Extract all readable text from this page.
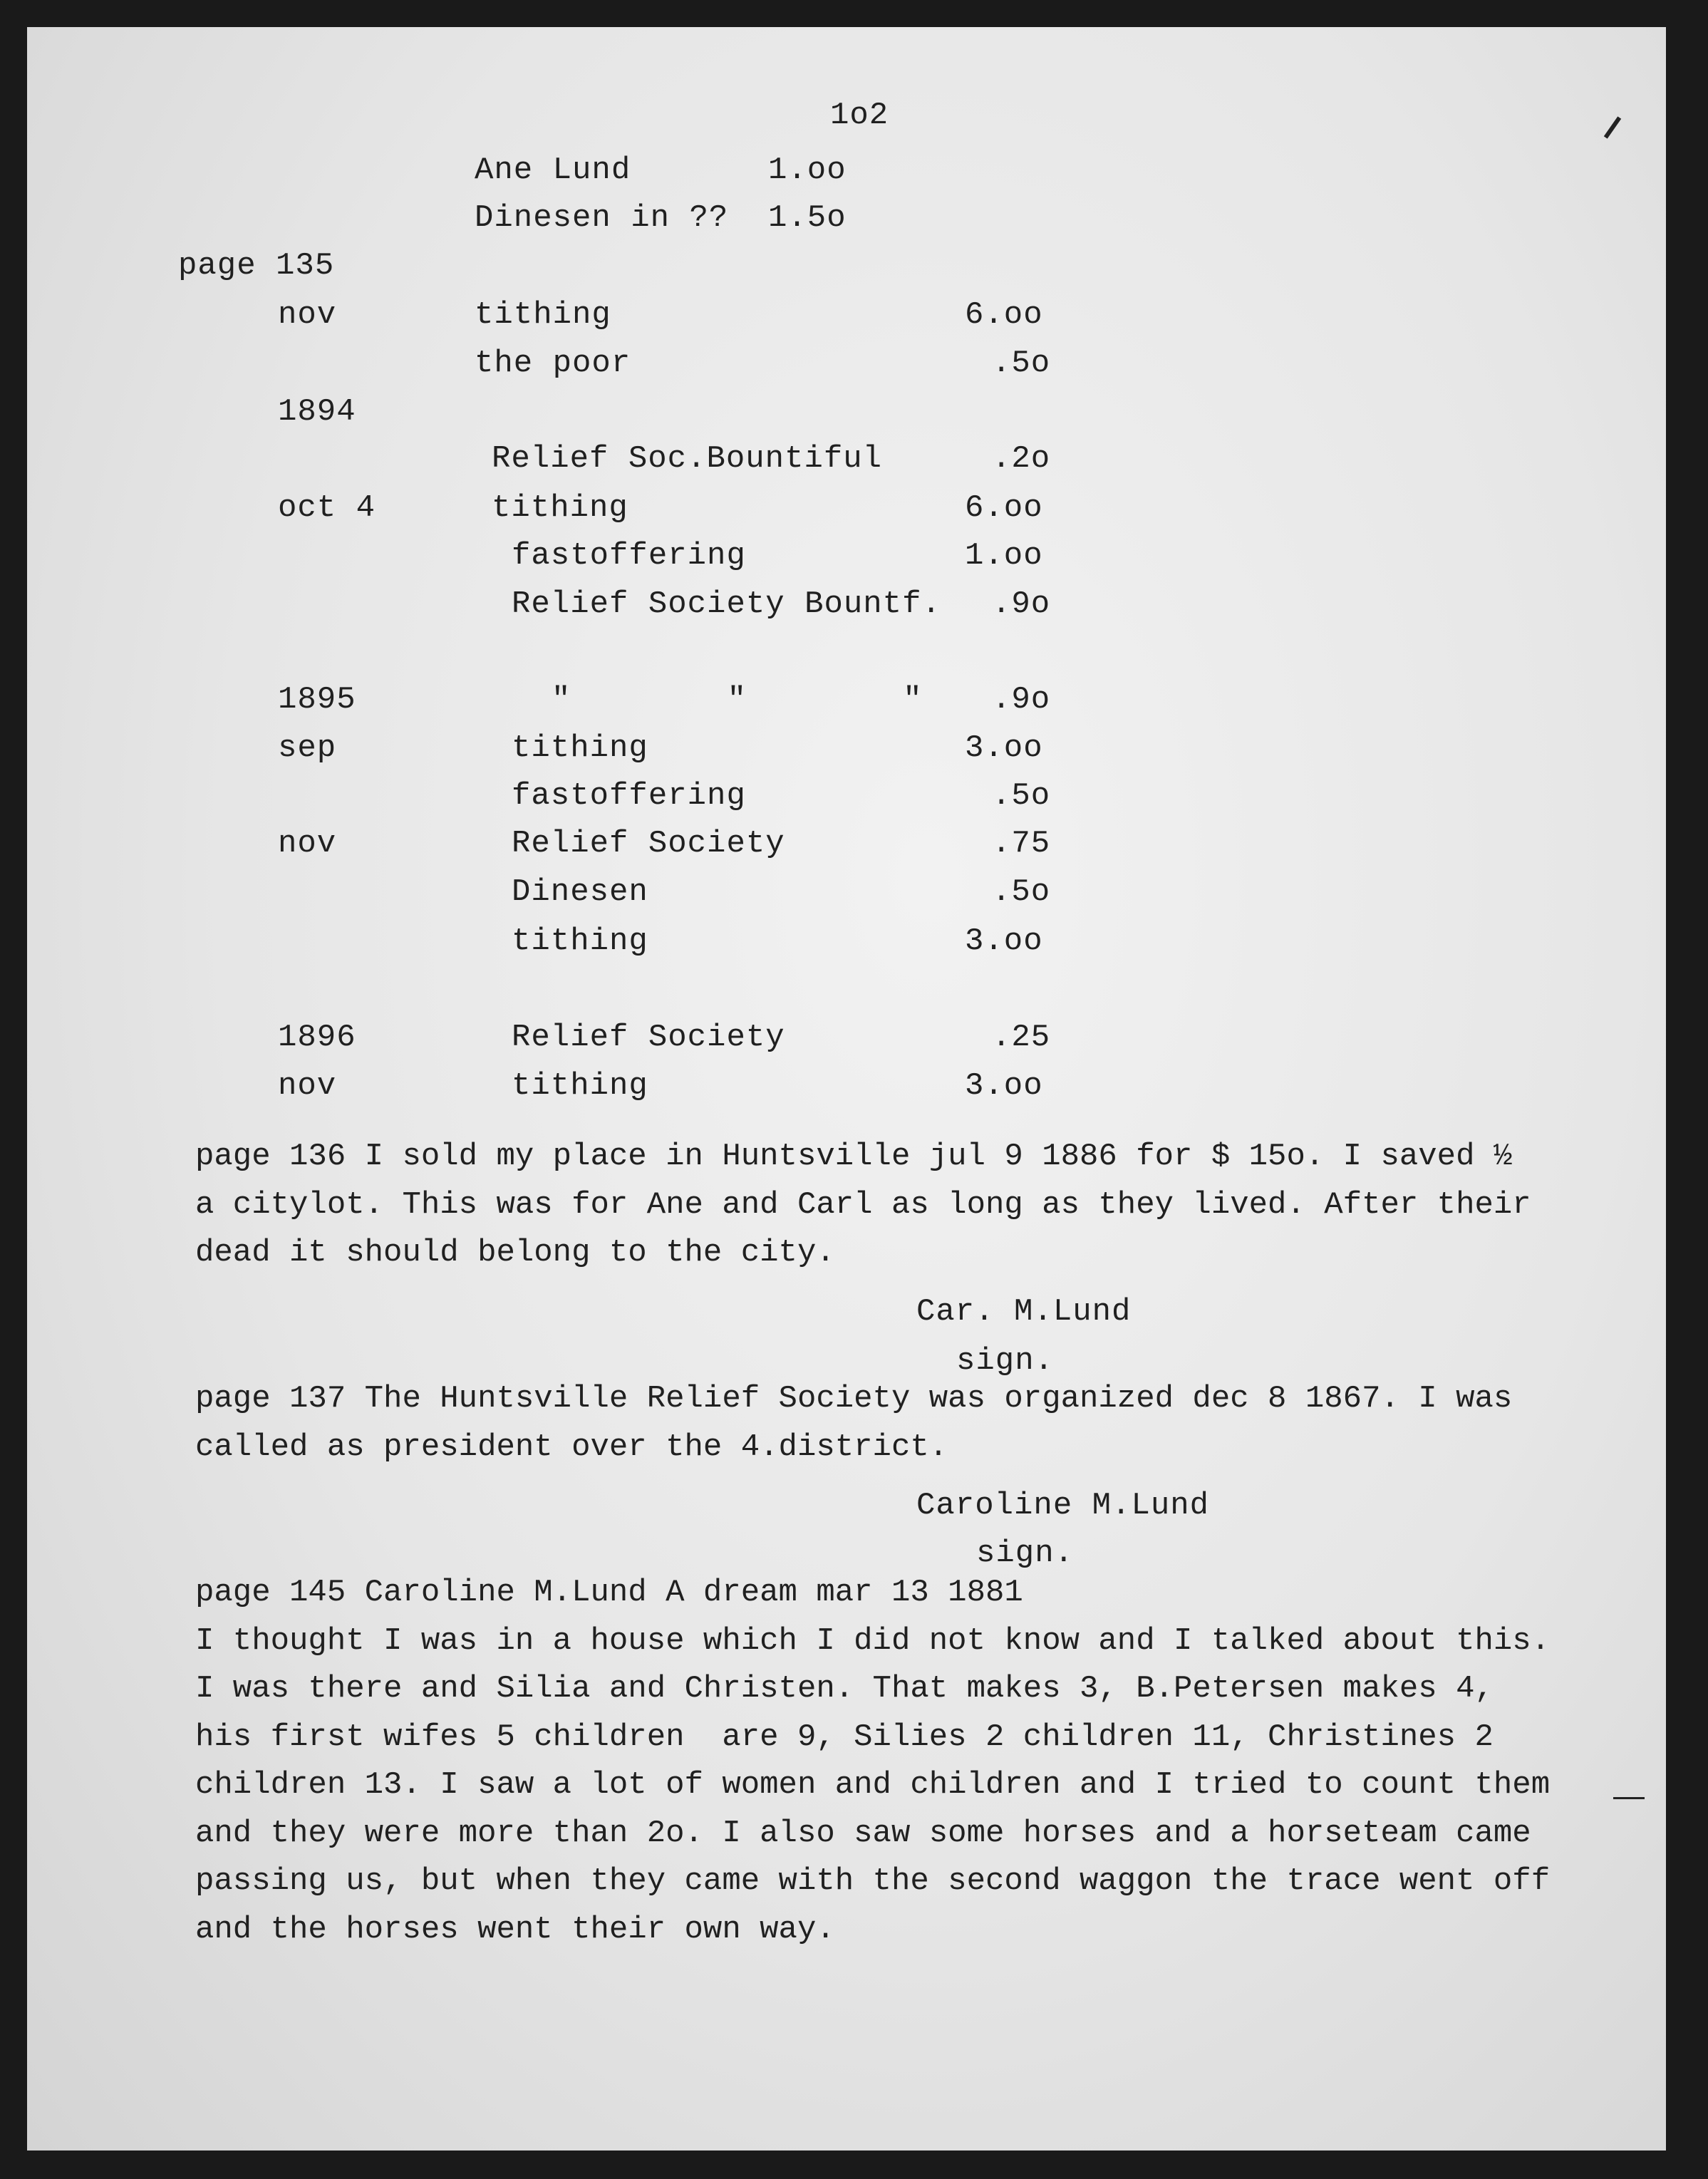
1o2
Ane Lund	1.oo
Dinesen in ?? 1.5o
page 135
nov	tithing	6.oo
the poor	.5o
1894
Relief Soc.Bountiful	.2o
oct 4	tithing	6.oo
fastoffering	1.oo
Relief Society Bountf. .9o
1895	"        "        " .9o
sep	tithing	3.oo
fastoffering	.5o
nov	Relief Society	.75
Dinesen	.5o
tithing	3.oo
1896	Relief Society	.25
nov	tithing	3.oo
page 136 I sold my place in Huntsville jul 9 1886 for $ 15o. I saved ½
a citylot. This was for Ane and Carl as long as they lived. After their
dead it should belong to the city.
Car. M.Lund
sign.
page 137 The Huntsville Relief Society was organized dec 8 1867. I was
called as president over the 4.district.
Caroline M.Lund
sign.
page 145 Caroline M.Lund A dream mar 13 1881
I thought I was in a house which I did not know and I talked about this.
I was there and Silia and Christen. That makes 3, B.Petersen makes 4,
his first wifes 5 children  are 9, Silies 2 children 11, Christines 2
children 13. I saw a lot of women and children and I tried to count them
and they were more than 2o. I also saw some horses and a horseteam came
passing us, but when they came with the second waggon the trace went off
and the horses went their own way.
